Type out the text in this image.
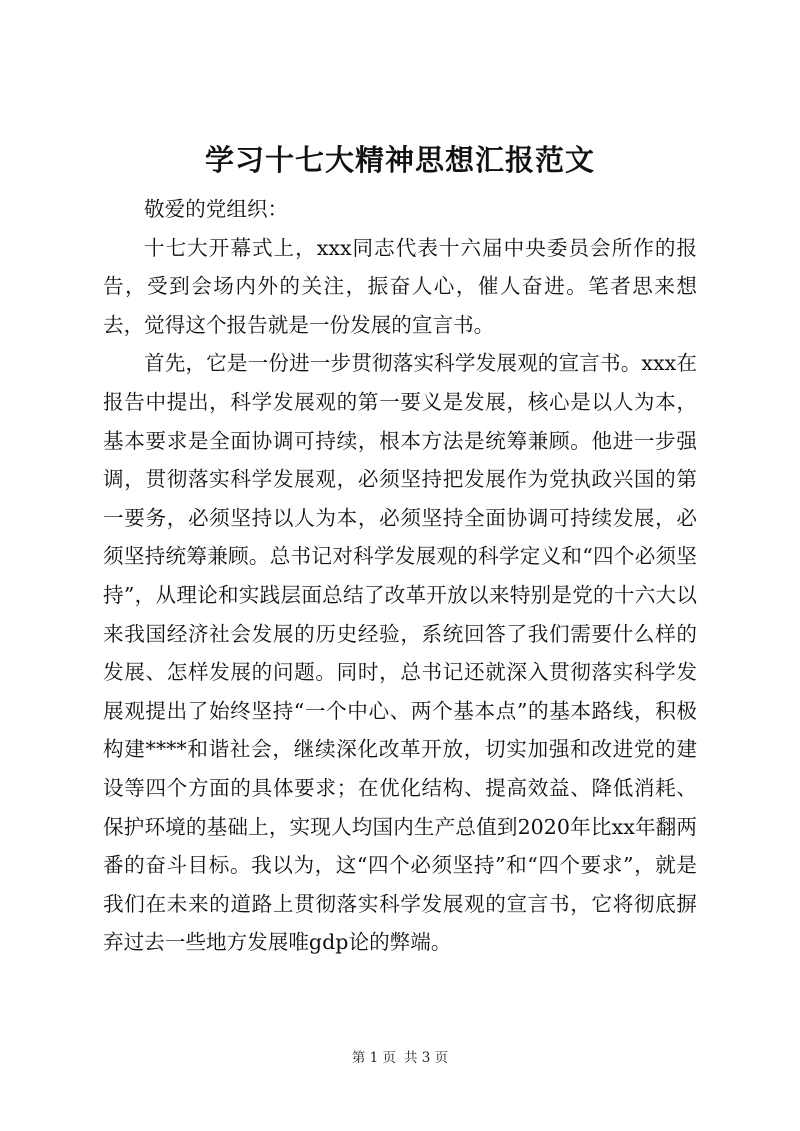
学习十七大精神思想汇报范文

敬爱的党组织：

十七大开幕式上，xxx同志代表十六届中央委员会所作的报告，受到会场内外的关注，振奋人心，催人奋进。笔者思来想去，觉得这个报告就是一份发展的宣言书。

首先，它是一份进一步贯彻落实科学发展观的宣言书。xxx在报告中提出，科学发展观的第一要义是发展，核心是以人为本，基本要求是全面协调可持续，根本方法是统筹兼顾。他进一步强调，贯彻落实科学发展观，必须坚持把发展作为党执政兴国的第一要务，必须坚持以人为本，必须坚持全面协调可持续发展，必须坚持统筹兼顾。总书记对科学发展观的科学定义和“四个必须坚持”，从理论和实践层面总结了改革开放以来特别是党的十六大以来我国经济社会发展的历史经验，系统回答了我们需要什么样的发展、怎样发展的问题。同时，总书记还就深入贯彻落实科学发展观提出了始终坚持“一个中心、两个基本点”的基本路线，积极构建****和谐社会，继续深化改革开放，切实加强和改进党的建设等四个方面的具体要求；在优化结构、提高效益、降低消耗、保护环境的基础上，实现人均国内生产总值到2020年比xx年翻两番的奋斗目标。我以为，这“四个必须坚持”和“四个要求”，就是我们在未来的道路上贯彻落实科学发展观的宣言书，它将彻底摒弃过去一些地方发展唯gdp论的弊端。

第 1 页 共 3 页
